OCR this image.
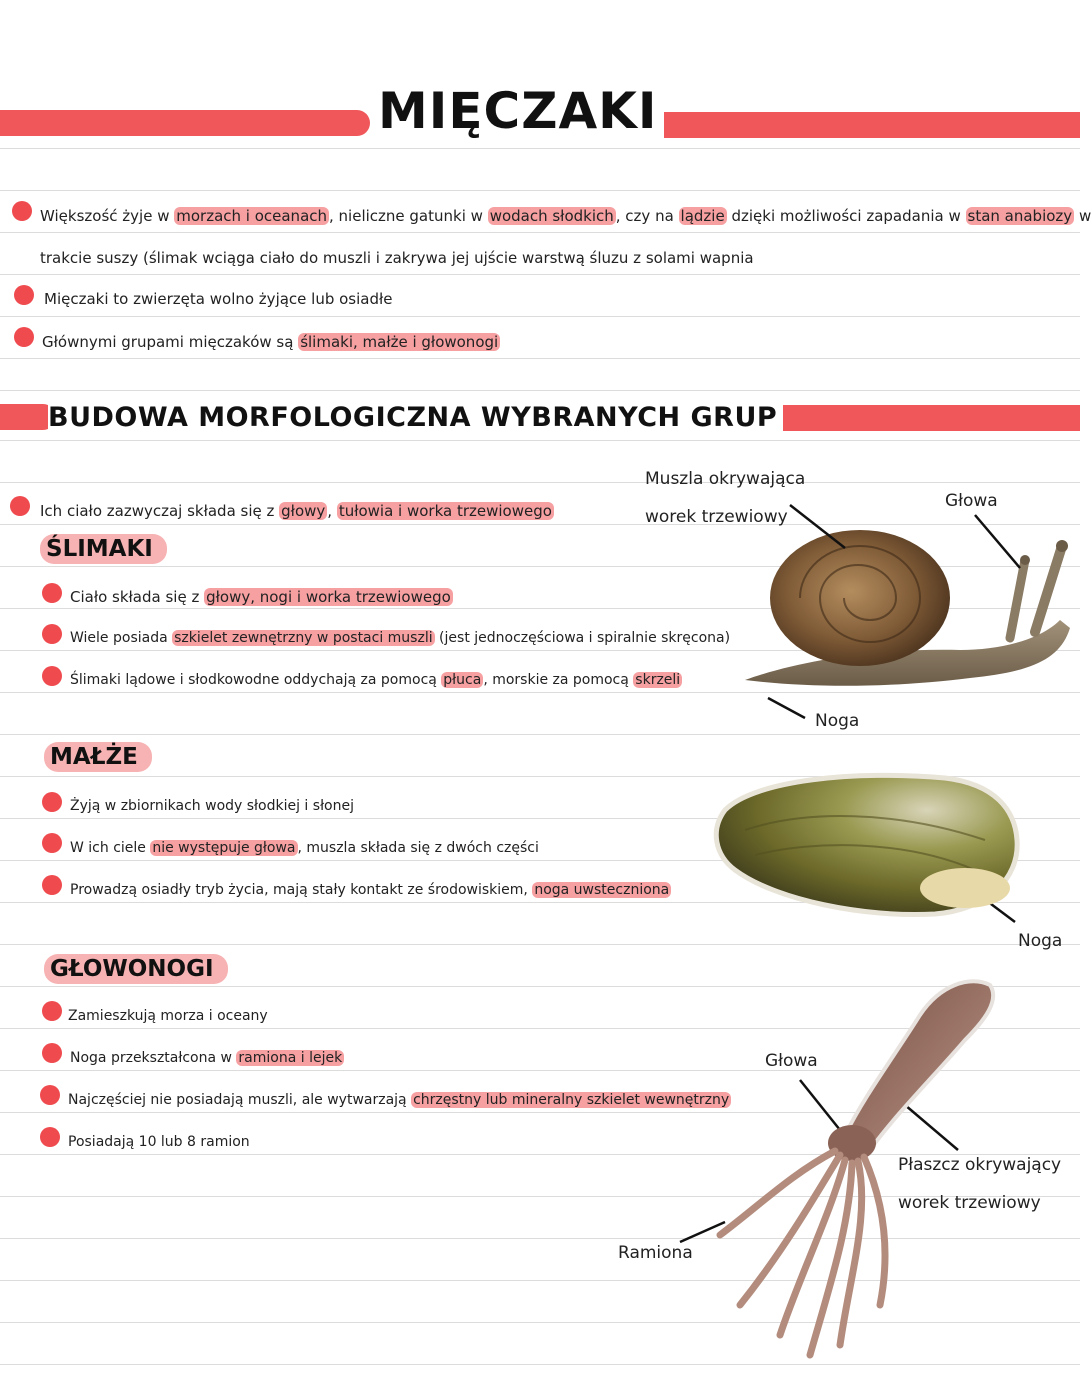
MIĘCZAKI
Większość żyje w morzach i oceanach , nieliczne gatunki w wodach słodkich , czy na lądzie dzięki możliwości zapadania w stan anabiozy w
trakcie suszy (ślimak wciąga ciało do muszli i zakrywa jej ujście warstwą śluzu z solami wapnia
Mięczaki to zwierzęta wolno żyjące lub osiadłe
Głównymi grupami mięczaków są ślimaki, małże i głowonogi
BUDOWA MORFOLOGICZNA WYBRANYCH GRUP
Ich ciało zazwyczaj składa się z głowy , tułowia i worka trzewiowego
ŚLIMAKI
Ciało składa się z głowy, nogi i worka trzewiowego
Wiele posiada szkielet zewnętrzny w postaci muszli (jest jednoczęściowa i spiralnie skręcona)
Ślimaki lądowe i słodkowodne oddychają za pomocą płuca , morskie za pomocą skrzeli
Muszla okrywająca
worek trzewiowy
Głowa
Noga
MAŁŻE
Żyją w zbiornikach wody słodkiej i słonej
W ich ciele nie występuje głowa , muszla składa się z dwóch części
Prowadzą osiadły tryb życia, mają stały kontakt ze środowiskiem, noga uwsteczniona
Noga
GŁOWONOGI
Zamieszkują morza i oceany
Noga przekształcona w ramiona i lejek
Najczęściej nie posiadają muszli, ale wytwarzają chrzęstny lub mineralny szkielet wewnętrzny
Posiadają 10 lub 8 ramion
Głowa
Płaszcz okrywający
worek trzewiowy
Ramiona
